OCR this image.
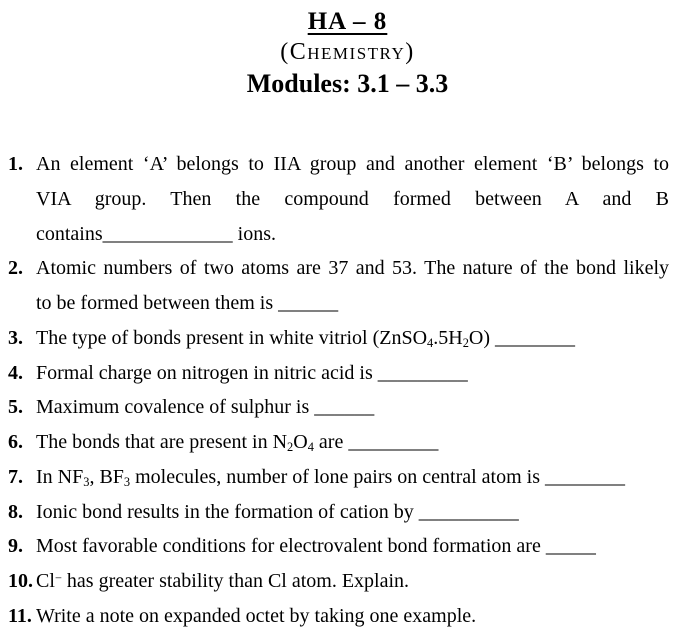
HA – 8
(Chemistry)
Modules: 3.1 – 3.3
1. An element ‘A’ belongs to IIA group and another element ‘B’ belongs to
VIA group. Then the compound formed between A and B
contains_____________ ions.
2. Atomic numbers of two atoms are 37 and 53. The nature of the bond likely
to be formed between them is ______
3. The type of bonds present in white vitriol $(ZnSO_4.5H_2O)$ ________
4. Formal charge on nitrogen in nitric acid is _________
5. Maximum covalence of sulphur is ______
6. The bonds that are present in $N_2O_4$ are _________
7. In $NF_3$, $BF_3$ molecules, number of lone pairs on central atom is ________
8. Ionic bond results in the formation of cation by __________
9. Most favorable conditions for electrovalent bond formation are _____
10. Cl− has greater stability than Cl atom. Explain.
11. Write a note on expanded octet by taking one example.
